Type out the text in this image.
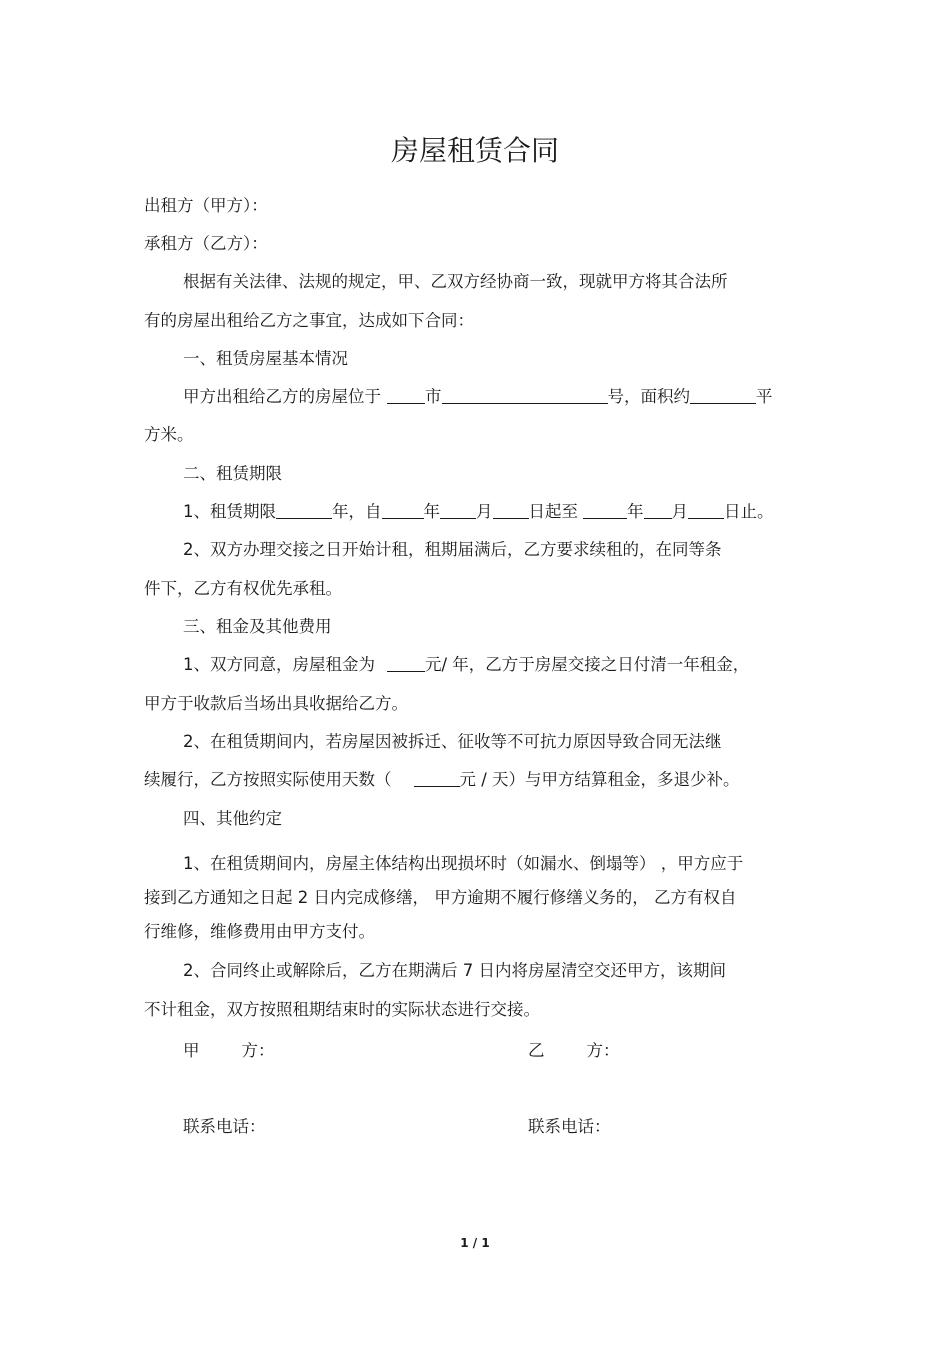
房屋租赁合同
出租方（甲方）：
承租方（乙方）：
根据有关法律、法规的规定，甲、乙双方经协商一致，现就甲方将其合法所
有的房屋出租给乙方之事宜，达成如下合同：
一、租赁房屋基本情况
甲方出租给乙方的房屋位于	市	号，面积约	平
方米。
二、租赁期限
1、租赁期限	年，自	年 月 日起至	年 月 日止。
2、双方办理交接之日开始计租，租期届满后，乙方要求续租的，在同等条
件下，乙方有权优先承租。
三、租金及其他费用
1、双方同意，房屋租金为	元/ 年，乙方于房屋交接之日付清一年租金，
甲方于收款后当场出具收据给乙方。
2、在租赁期间内，若房屋因被拆迁、征收等不可抗力原因导致合同无法继
续履行，乙方按照实际使用天数（	元 / 天）与甲方结算租金，多退少补。
四、其他约定
1、在租赁期间内，房屋主体结构出现损坏时（如漏水、倒塌等） ，甲方应于
接到乙方通知之日起 2 日内完成修缮， 甲方逾期不履行修缮义务的， 乙方有权自
行维修，维修费用由甲方支付。
2、合同终止或解除后，乙方在期满后 7 日内将房屋清空交还甲方，该期间
不计租金，双方按照租期结束时的实际状态进行交接。
甲        方：	乙        方：
联系电话：	联系电话：
1 / 1
